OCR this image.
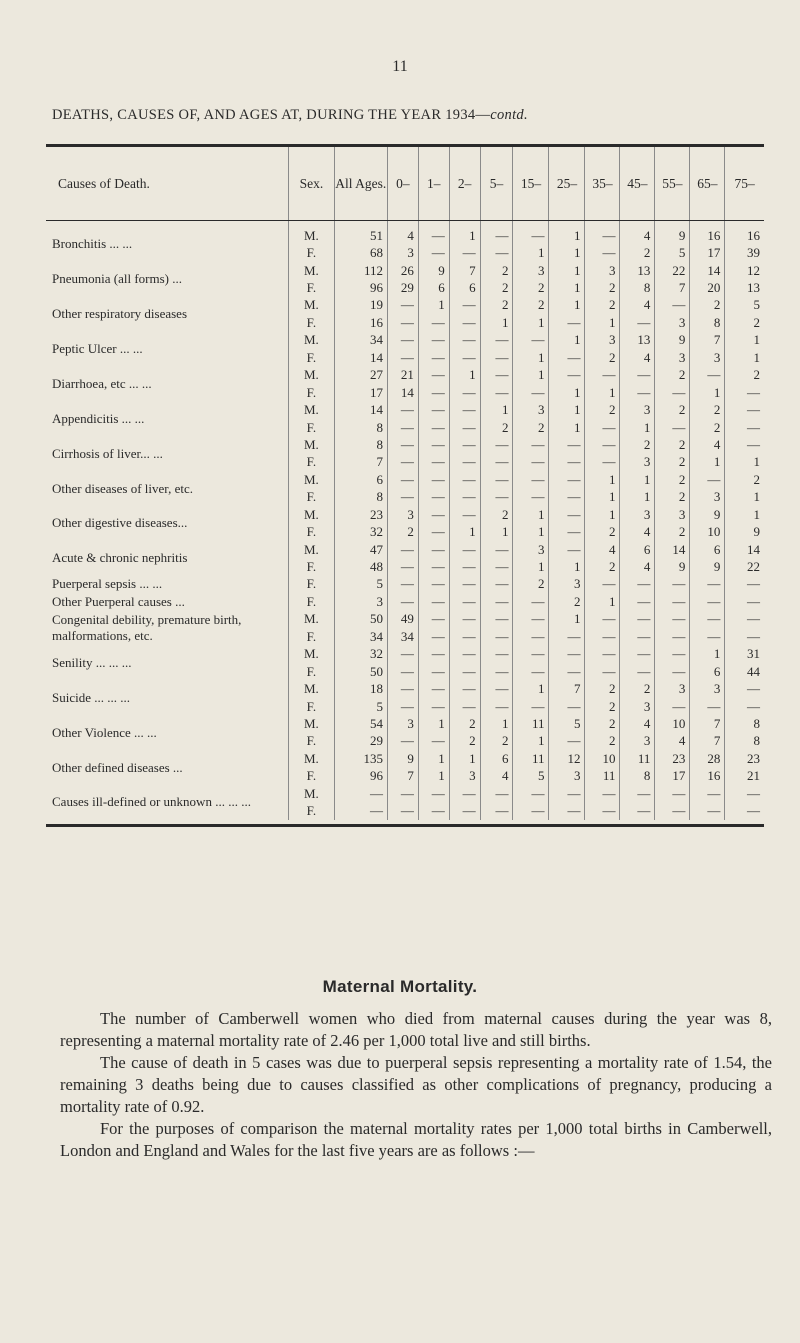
11
DEATHS, CAUSES OF, AND AGES AT, DURING THE YEAR 1934—contd.
Causes of Death.	Sex.	All Ages.	0–	1–	2–	5–	15–	25–	35–	45–	55–	65–	75–
Bronchitis ... ...	M.	51	4	—	1	—	—	1	—	4	9	16	16
	F.	68	3	—	—	—	1	1	—	2	5	17	39
Pneumonia (all forms) ...	M.	112	26	9	7	2	3	1	3	13	22	14	12
	F.	96	29	6	6	2	2	1	2	8	7	20	13
Other respiratory diseases	M.	19	—	1	—	2	2	1	2	4	—	2	5
	F.	16	—	—	—	1	1	—	1	—	3	8	2
Peptic Ulcer ... ...	M.	34	—	—	—	—	—	1	3	13	9	7	1
	F.	14	—	—	—	—	1	—	2	4	3	3	1
Diarrhoea, etc ... ...	M.	27	21	—	1	—	1	—	—	—	2	—	2
	F.	17	14	—	—	—	—	1	1	—	—	1	—
Appendicitis ... ...	M.	14	—	—	—	1	3	1	2	3	2	2	—
	F.	8	—	—	—	2	2	1	—	1	—	2	—
Cirrhosis of liver... ...	M.	8	—	—	—	—	—	—	—	2	2	4	—
	F.	7	—	—	—	—	—	—	—	3	2	1	1
Other diseases of liver, etc.	M.	6	—	—	—	—	—	—	1	1	2	—	2
	F.	8	—	—	—	—	—	—	1	1	2	3	1
Other digestive diseases...	M.	23	3	—	—	2	1	—	1	3	3	9	1
	F.	32	2	—	1	1	1	—	2	4	2	10	9
Acute & chronic nephritis	M.	47	—	—	—	—	3	—	4	6	14	6	14
	F.	48	—	—	—	—	1	1	2	4	9	9	22
Puerperal sepsis ... ...	F.	5	—	—	—	—	2	3	—	—	—	—	—
Other Puerperal causes ...	F.	3	—	—	—	—	—	2	1	—	—	—	—
Congenital debility, premature birth, malformations, etc.	M.	50	49	—	—	—	—	1	—	—	—	—	—
	F.	34	34	—	—	—	—	—	—	—	—	—	—
Senility ... ... ...	M.	32	—	—	—	—	—	—	—	—	—	1	31
	F.	50	—	—	—	—	—	—	—	—	—	6	44
Suicide ... ... ...	M.	18	—	—	—	—	1	7	2	2	3	3	—
	F.	5	—	—	—	—	—	—	2	3	—	—	—
Other Violence ... ...	M.	54	3	1	2	1	11	5	2	4	10	7	8
	F.	29	—	—	2	2	1	—	2	3	4	7	8
Other defined diseases ...	M.	135	9	1	1	6	11	12	10	11	23	28	23
	F.	96	7	1	3	4	5	3	11	8	17	16	21
Causes ill-defined or unknown ... ... ...	M.	—	—	—	—	—	—	—	—	—	—	—	—
	F.	—	—	—	—	—	—	—	—	—	—	—	—
Maternal Mortality.

The number of Camberwell women who died from maternal causes during the year was 8, representing a maternal mortality rate of 2.46 per 1,000 total live and still births.

The cause of death in 5 cases was due to puerperal sepsis representing a mortality rate of 1.54, the remaining 3 deaths being due to causes classified as other complications of pregnancy, producing a mortality rate of 0.92.

For the purposes of comparison the maternal mortality rates per 1,000 total births in Camberwell, London and England and Wales for the last five years are as follows :—
